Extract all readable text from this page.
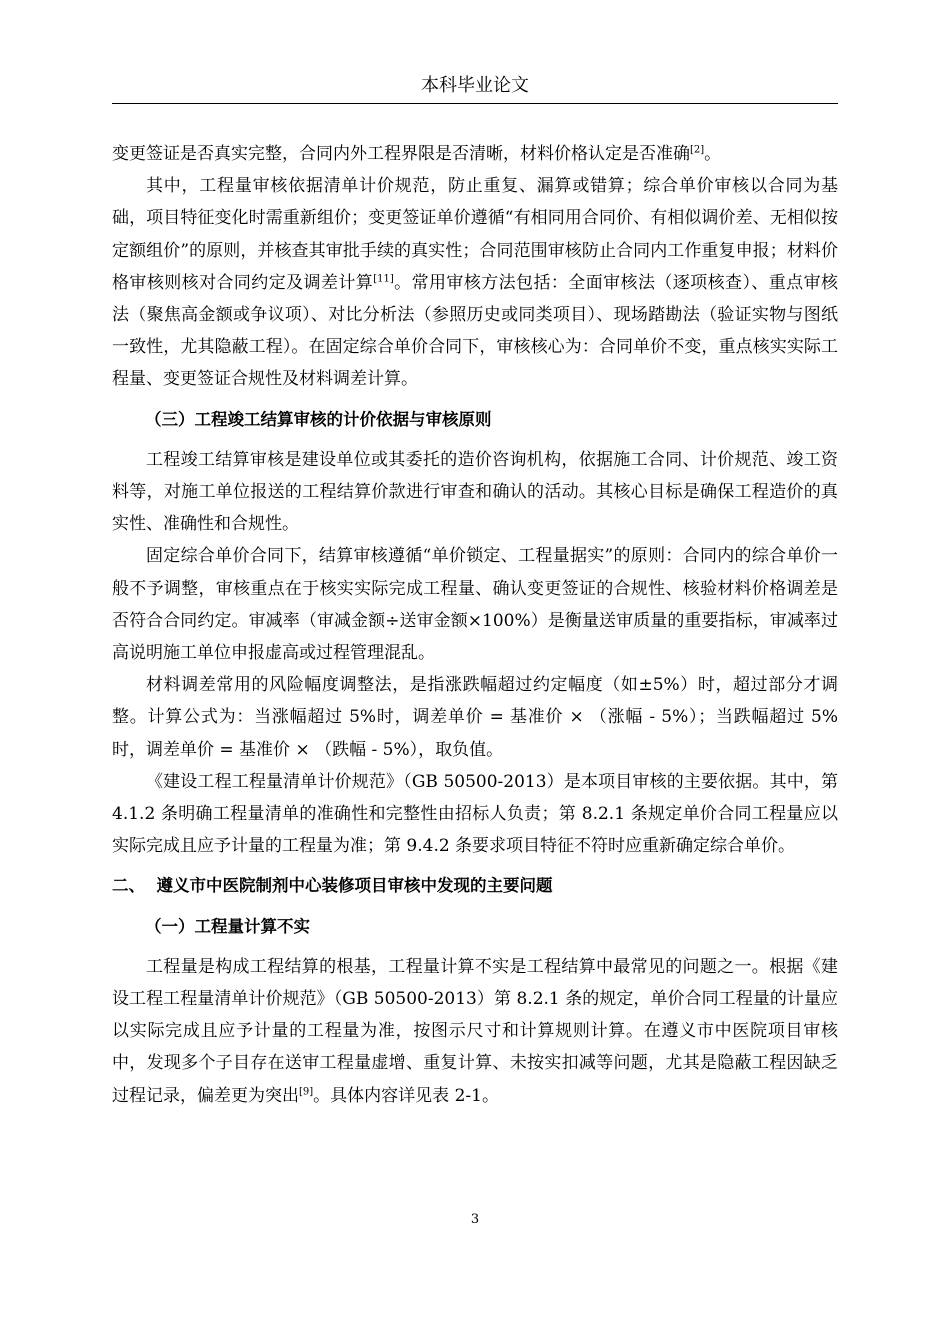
本科毕业论文

变更签证是否真实完整，合同内外工程界限是否清晰，材料价格认定是否准确[2]。

其中，工程量审核依据清单计价规范，防止重复、漏算或错算；综合单价审核以合同为基础，项目特征变化时需重新组价；变更签证单价遵循“有相同用合同价、有相似调价差、无相似按定额组价”的原则，并核查其审批手续的真实性；合同范围审核防止合同内工作重复申报；材料价格审核则核对合同约定及调差计算[11]。常用审核方法包括：全面审核法（逐项核查）、重点审核法（聚焦高金额或争议项）、对比分析法（参照历史或同类项目）、现场踏勘法（验证实物与图纸一致性，尤其隐蔽工程）。在固定综合单价合同下，审核核心为：合同单价不变，重点核实实际工程量、变更签证合规性及材料调差计算。

（三）工程竣工结算审核的计价依据与审核原则

工程竣工结算审核是建设单位或其委托的造价咨询机构，依据施工合同、计价规范、竣工资料等，对施工单位报送的工程结算价款进行审查和确认的活动。其核心目标是确保工程造价的真实性、准确性和合规性。

固定综合单价合同下，结算审核遵循“单价锁定、工程量据实”的原则：合同内的综合单价一般不予调整，审核重点在于核实实际完成工程量、确认变更签证的合规性、核验材料价格调差是否符合合同约定。审减率（审减金额÷送审金额×100%）是衡量送审质量的重要指标，审减率过高说明施工单位申报虚高或过程管理混乱。

材料调差常用的风险幅度调整法，是指涨跌幅超过约定幅度（如±5%）时，超过部分才调整。计算公式为：当涨幅超过 5%时，调差单价 = 基准价 × （涨幅 - 5%）；当跌幅超过 5%时，调差单价 = 基准价 × （跌幅 - 5%），取负值。

《建设工程工程量清单计价规范》（GB 50500-2013）是本项目审核的主要依据。其中，第 4.1.2 条明确工程量清单的准确性和完整性由招标人负责；第 8.2.1 条规定单价合同工程量应以实际完成且应予计量的工程量为准；第 9.4.2 条要求项目特征不符时应重新确定综合单价。

二、  遵义市中医院制剂中心装修项目审核中发现的主要问题
（一）工程量计算不实

工程量是构成工程结算的根基，工程量计算不实是工程结算中最常见的问题之一。根据《建设工程工程量清单计价规范》（GB 50500-2013）第 8.2.1 条的规定，单价合同工程量的计量应以实际完成且应予计量的工程量为准，按图示尺寸和计算规则计算。在遵义市中医院项目审核中，发现多个子目存在送审工程量虚增、重复计算、未按实扣减等问题，尤其是隐蔽工程因缺乏过程记录，偏差更为突出[9]。具体内容详见表 2-1。

3
